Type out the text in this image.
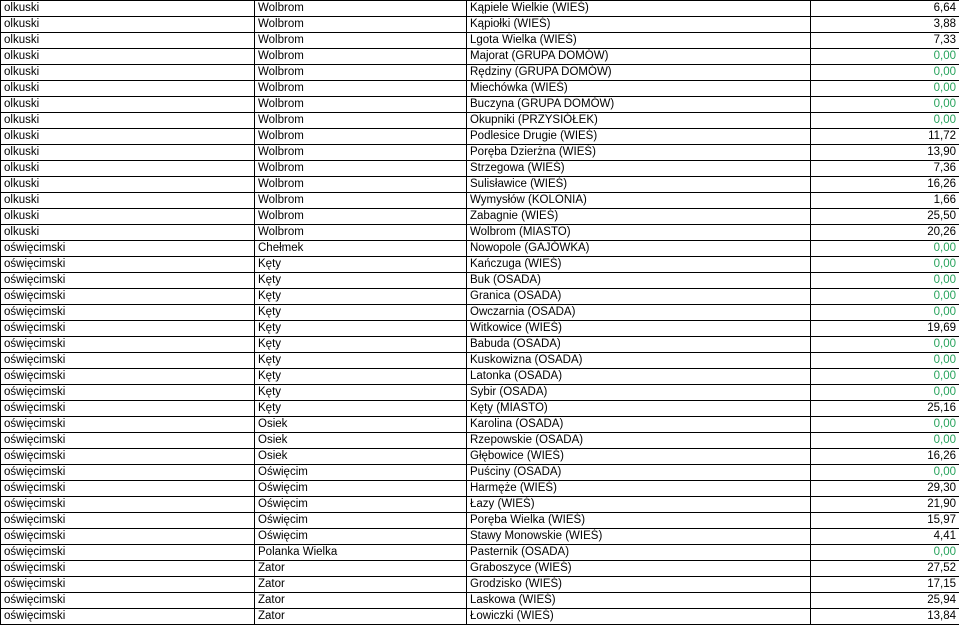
olkuski	Wolbrom	Kąpiele Wielkie (WIEŚ)	6,64
olkuski	Wolbrom	Kąpiołki (WIEŚ)	3,88
olkuski	Wolbrom	Lgota Wielka (WIEŚ)	7,33
olkuski	Wolbrom	Majorat (GRUPA DOMÓW)	0,00
olkuski	Wolbrom	Rędziny (GRUPA DOMÓW)	0,00
olkuski	Wolbrom	Miechówka (WIEŚ)	0,00
olkuski	Wolbrom	Buczyna (GRUPA DOMÓW)	0,00
olkuski	Wolbrom	Okupniki (PRZYSIÓŁEK)	0,00
olkuski	Wolbrom	Podlesice Drugie (WIEŚ)	11,72
olkuski	Wolbrom	Poręba Dzierżna (WIEŚ)	13,90
olkuski	Wolbrom	Strzegowa (WIEŚ)	7,36
olkuski	Wolbrom	Sulisławice (WIEŚ)	16,26
olkuski	Wolbrom	Wymysłów (KOLONIA)	1,66
olkuski	Wolbrom	Zabagnie (WIEŚ)	25,50
olkuski	Wolbrom	Wolbrom (MIASTO)	20,26
oświęcimski	Chełmek	Nowopole (GAJÓWKA)	0,00
oświęcimski	Kęty	Kańczuga (WIEŚ)	0,00
oświęcimski	Kęty	Buk (OSADA)	0,00
oświęcimski	Kęty	Granica (OSADA)	0,00
oświęcimski	Kęty	Owczarnia (OSADA)	0,00
oświęcimski	Kęty	Witkowice (WIEŚ)	19,69
oświęcimski	Kęty	Babuda (OSADA)	0,00
oświęcimski	Kęty	Kuskowizna (OSADA)	0,00
oświęcimski	Kęty	Latonka (OSADA)	0,00
oświęcimski	Kęty	Sybir (OSADA)	0,00
oświęcimski	Kęty	Kęty (MIASTO)	25,16
oświęcimski	Osiek	Karolina (OSADA)	0,00
oświęcimski	Osiek	Rzepowskie (OSADA)	0,00
oświęcimski	Osiek	Głębowice (WIEŚ)	16,26
oświęcimski	Oświęcim	Puściny (OSADA)	0,00
oświęcimski	Oświęcim	Harmęże (WIEŚ)	29,30
oświęcimski	Oświęcim	Łazy (WIEŚ)	21,90
oświęcimski	Oświęcim	Poręba Wielka (WIEŚ)	15,97
oświęcimski	Oświęcim	Stawy Monowskie (WIEŚ)	4,41
oświęcimski	Polanka Wielka	Pasternik (OSADA)	0,00
oświęcimski	Zator	Graboszyce (WIEŚ)	27,52
oświęcimski	Zator	Grodzisko (WIEŚ)	17,15
oświęcimski	Zator	Laskowa (WIEŚ)	25,94
oświęcimski	Zator	Łowiczki (WIEŚ)	13,84
